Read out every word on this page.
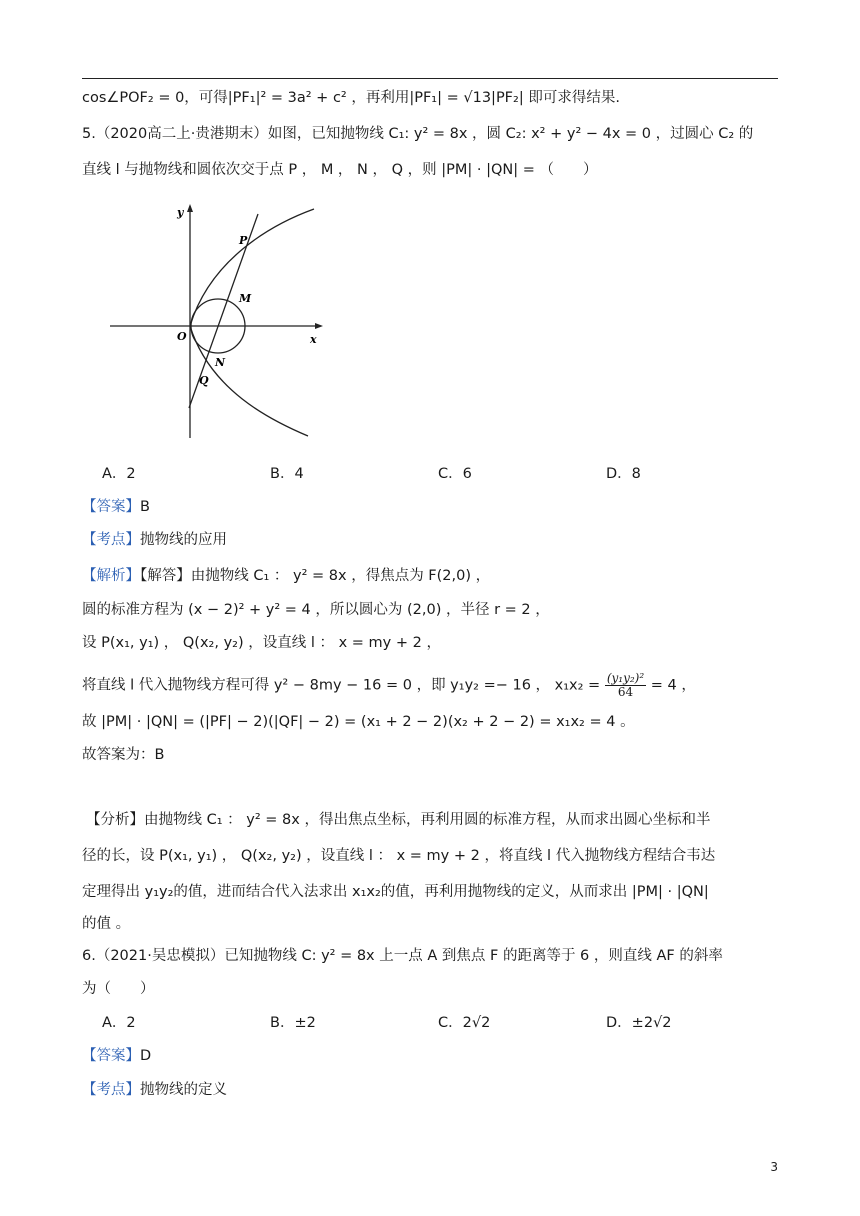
cos∠POF₂ = 0，可得|PF₁|² = 3a² + c² ，再利用|PF₁| = √13|PF₂| 即可求得结果.
5.（2020高二上·贵港期末）如图，已知抛物线 C₁: y² = 8x ，圆 C₂: x² + y² − 4x = 0 ，过圆心 C₂ 的
直线 l 与抛物线和圆依次交于点 P ， M ， N ， Q ，则 |PM| · |QN| = （　　）
y
x
O
P
M
N
Q
A．2	B．4	C．6	D．8
【答案】B
【考点】抛物线的应用
【解析】【解答】由抛物线 C₁ ： y² = 8x ，得焦点为 F(2,0) ，
圆的标准方程为 (x − 2)² + y² = 4 ，所以圆心为 (2,0) ，半径 r = 2 ，
设 P(x₁, y₁) ， Q(x₂, y₂) ，设直线 l ： x = my + 2 ，
将直线 l 代入抛物线方程可得 y² − 8my − 16 = 0 ，即 y₁y₂ =− 16 ， $x_1x_2 = \frac{\text{(y₁y₂)²}}{64} = 4$ ，
故 |PM| · |QN| = (|PF| − 2)(|QF| − 2) = (x₁ + 2 − 2)(x₂ + 2 − 2) = x₁x₂ = 4 。
故答案为：B
【分析】由抛物线 C₁ ： y² = 8x ，得出焦点坐标，再利用圆的标准方程，从而求出圆心坐标和半
径的长，设 P(x₁, y₁) ， Q(x₂, y₂) ，设直线 l ： x = my + 2 ，将直线 l 代入抛物线方程结合韦达
定理得出 y₁y₂的值，进而结合代入法求出 x₁x₂的值，再利用抛物线的定义，从而求出 |PM| · |QN|
的值 。
6.（2021·吴忠模拟）已知抛物线 C: y² = 8x 上一点 A 到焦点 F 的距离等于 6 ，则直线 AF 的斜率
为（　　）
A．2	B．±2	C．2√2	D．±2√2
【答案】D
【考点】抛物线的定义
3
